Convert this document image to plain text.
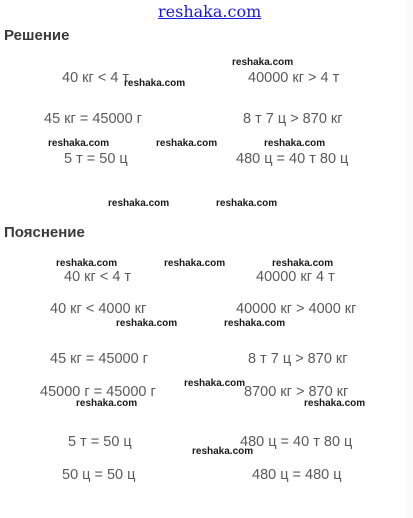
reshaka.com
Решение
40 кг < 4 т	40000 кг > 4 т
45 кг = 45000 г	8 т 7 ц > 870 кг
5 т = 50 ц	480 ц = 40 т 80 ц
reshaka.com
reshaka.com
reshaka.com	reshaka.com	reshaka.com
reshaka.com	reshaka.com
Пояснение
40 кг < 4 т	40000 кг 4 т
40 кг < 4000 кг	40000 кг > 4000 кг
45 кг = 45000 г	8 т 7 ц > 870 кг
45000 г = 45000 г	8700 кг > 870 кг
5 т = 50 ц	480 ц = 40 т 80 ц
50 ц = 50 ц	480 ц = 480 ц
reshaka.com	reshaka.com	reshaka.com
reshaka.com	reshaka.com
reshaka.com
reshaka.com	reshaka.com
reshaka.com
